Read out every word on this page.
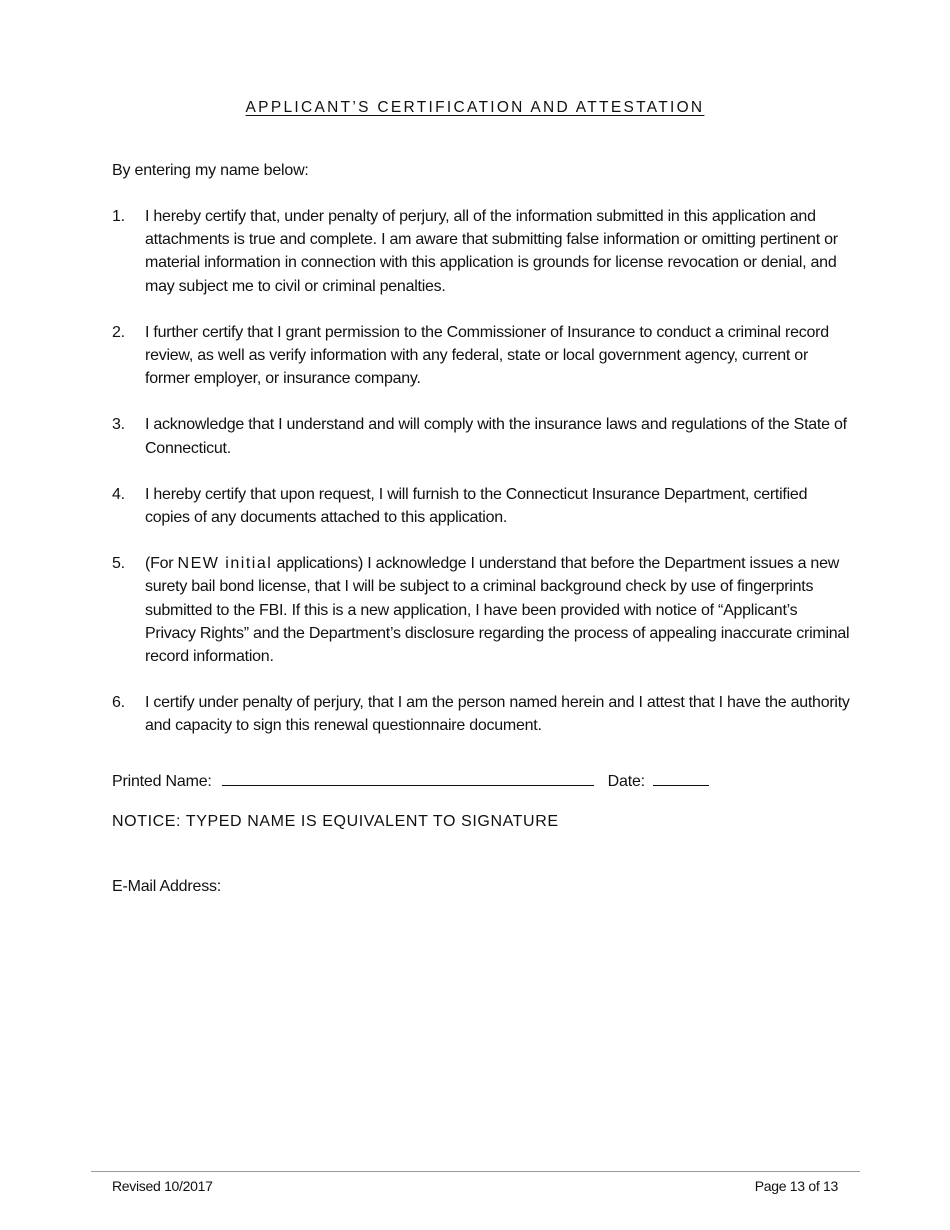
APPLICANT’S CERTIFICATION AND ATTESTATION
By entering my name below:
1. I hereby certify that, under penalty of perjury, all of the information submitted in this application and attachments is true and complete. I am aware that submitting false information or omitting pertinent or material information in connection with this application is grounds for license revocation or denial, and may subject me to civil or criminal penalties.
2. I further certify that I grant permission to the Commissioner of Insurance to conduct a criminal record review, as well as verify information with any federal, state or local government agency, current or former employer, or insurance company.
3. I acknowledge that I understand and will comply with the insurance laws and regulations of the State of Connecticut.
4. I hereby certify that upon request, I will furnish to the Connecticut Insurance Department, certified copies of any documents attached to this application.
5. (For NEW initial applications) I acknowledge I understand that before the Department issues a new surety bail bond license, that I will be subject to a criminal background check by use of fingerprints submitted to the FBI. If this is a new application, I have been provided with notice of “Applicant’s Privacy Rights” and the Department’s disclosure regarding the process of appealing inaccurate criminal record information.
6. I certify under penalty of perjury, that I am the person named herein and I attest that I have the authority and capacity to sign this renewal questionnaire document.
Printed Name:	Date:
NOTICE: TYPED NAME IS EQUIVALENT TO SIGNATURE
E-Mail Address:
Revised 10/2017	Page 13 of 13
